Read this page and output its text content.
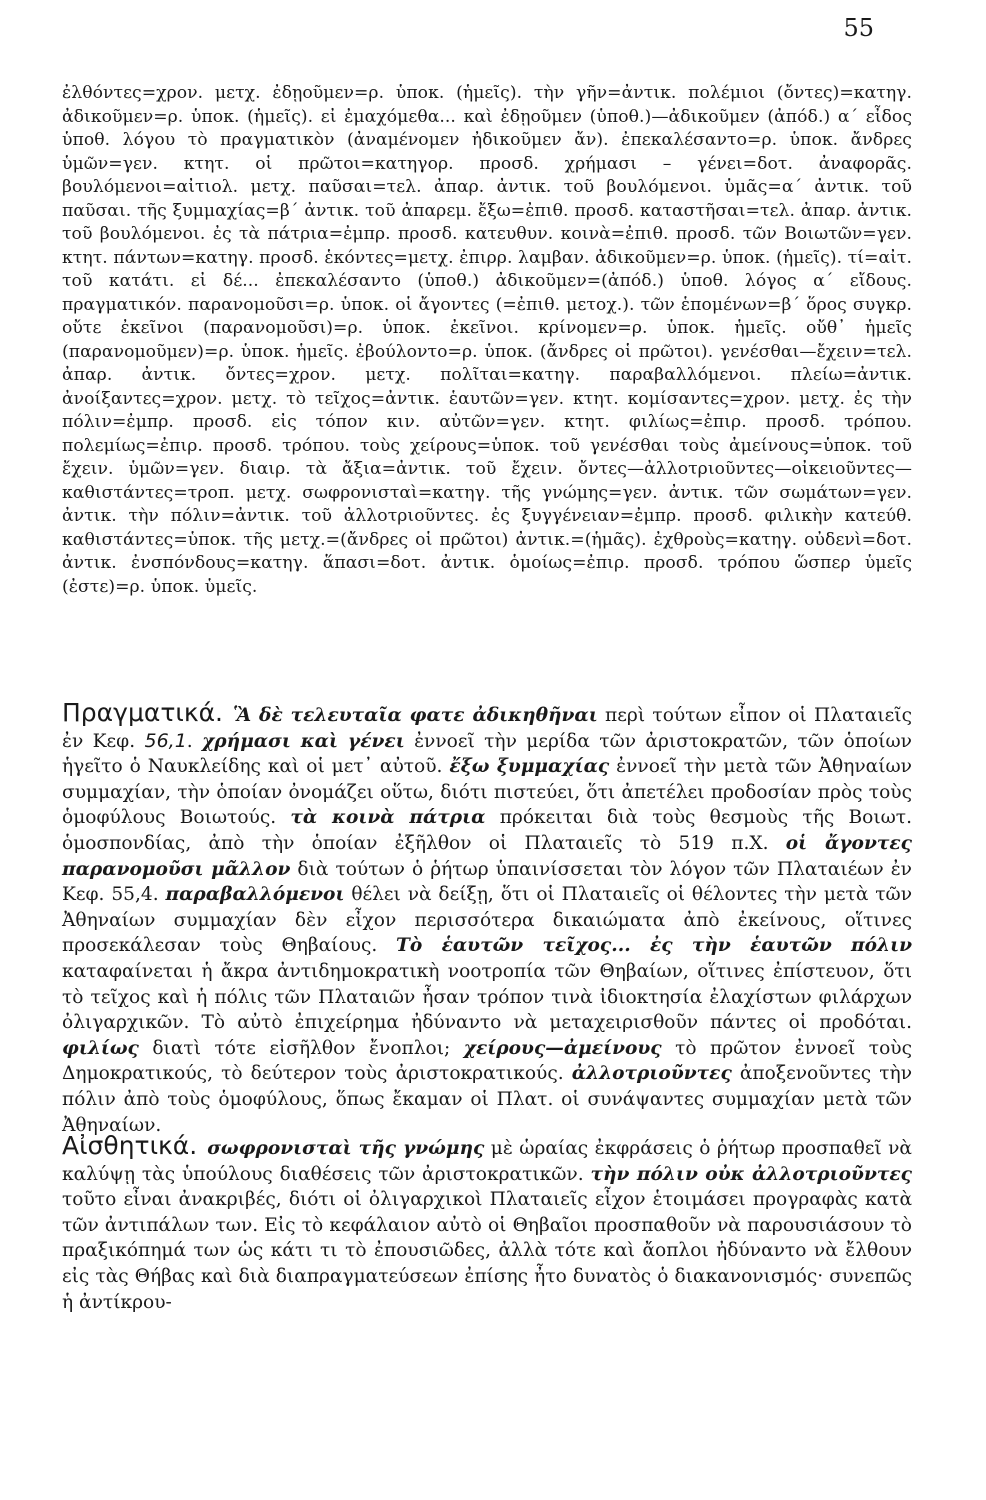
55

ἐλθόντες=χρον. μετχ. ἐδῃοῦμεν=ρ. ὑποκ. (ἡμεῖς). τὴν γῆν=ἀντικ. πολέμιοι (ὄντες)=κατηγ. ἀδικοῦμεν=ρ. ὑποκ. (ἡμεῖς). εἰ ἐμαχόμεθα... καὶ ἐδῃοῦμεν (ὑποθ.)—ἀδικοῦμεν (ἀπόδ.) α´ εἶδος ὑποθ. λόγου τὸ πραγματικὸν (ἀναμένομεν ἠδικοῦμεν ἄν). ἐπεκαλέσαντο=ρ. ὑποκ. ἄνδρες ὑμῶν=γεν. κτητ. οἱ πρῶτοι=κατηγορ. προσδ. χρήμασι – γένει=δοτ. ἀναφορᾶς. βουλόμενοι=αἰτιολ. μετχ. παῦσαι=τελ. ἀπαρ. ἀντικ. τοῦ βουλόμενοι. ὑμᾶς=α´ ἀντικ. τοῦ παῦσαι. τῆς ξυμμαχίας=β´ ἀντικ. τοῦ ἀπαρεμ. ἔξω=ἐπιθ. προσδ. καταστῆσαι=τελ. ἀπαρ. ἀντικ. τοῦ βουλόμενοι. ἐς τὰ πάτρια=ἐμπρ. προσδ. κατευθυν. κοινὰ=ἐπιθ. προσδ. τῶν Βοιωτῶν=γεν. κτητ. πάντων=κατηγ. προσδ. ἑκόντες=μετχ. ἐπιρρ. λαμβαν. ἀδικοῦμεν=ρ. ὑποκ. (ἡμεῖς). τί=αἰτ. τοῦ κατάτι. εἰ δέ... ἐπεκαλέσαντο (ὑποθ.) ἀδικοῦμεν=(ἀπόδ.) ὑποθ. λόγος α´ εἴδους. πραγματικόν. παρανομοῦσι=ρ. ὑποκ. οἱ ἄγοντες (=ἐπιθ. μετοχ.). τῶν ἑπομένων=β´ ὅρος συγκρ. οὔτε ἐκεῖνοι (παρανομοῦσι)=ρ. ὑποκ. ἐκεῖνοι. κρίνομεν=ρ. ὑποκ. ἡμεῖς. οὔθ᾽ ἡμεῖς (παρανομοῦμεν)=ρ. ὑποκ. ἡμεῖς. ἐβούλοντο=ρ. ὑποκ. (ἄνδρες οἱ πρῶτοι). γενέσθαι—ἔχειν=τελ. ἀπαρ. ἀντικ. ὄντες=χρον. μετχ. πολῖται=κατηγ. παραβαλλόμενοι. πλείω=ἀντικ. ἀνοίξαντες=χρον. μετχ. τὸ τεῖχος=ἀντικ. ἑαυτῶν=γεν. κτητ. κομίσαντες=χρον. μετχ. ἐς τὴν πόλιν=ἐμπρ. προσδ. εἰς τόπον κιν. αὐτῶν=γεν. κτητ. φιλίως=ἐπιρ. προσδ. τρόπου. πολεμίως=ἐπιρ. προσδ. τρόπου. τοὺς χείρους=ὑποκ. τοῦ γενέσθαι τοὺς ἀμείνους=ὑποκ. τοῦ ἔχειν. ὑμῶν=γεν. διαιρ. τὰ ἄξια=ἀντικ. τοῦ ἔχειν. ὄντες—ἀλλοτριοῦντες—οἰκειοῦντες—καθιστάντες=τροπ. μετχ. σωφρονισταὶ=κατηγ. τῆς γνώμης=γεν. ἀντικ. τῶν σωμάτων=γεν. ἀντικ. τὴν πόλιν=ἀντικ. τοῦ ἀλλοτριοῦντες. ἐς ξυγγένειαν=ἐμπρ. προσδ. φιλικὴν κατεύθ. καθιστάντες=ὑποκ. τῆς μετχ.=(ἄνδρες οἱ πρῶτοι) ἀντικ.=(ἡμᾶς). ἐχθροὺς=κατηγ. οὐδενὶ=δοτ. ἀντικ. ἐνσπόνδους=κατηγ. ἅπασι=δοτ. ἀντικ. ὁμοίως=ἐπιρ. προσδ. τρόπου ὥσπερ ὑμεῖς (ἐστε)=ρ. ὑποκ. ὑμεῖς.

Πραγματικά. Ἃ δὲ τελευταῖα φατε ἀδικηθῆναι περὶ τούτων εἶπον οἱ Πλαταιεῖς ἐν Κεφ. 56,1. χρήμασι καὶ γένει ἐννοεῖ τὴν μερίδα τῶν ἀριστοκρατῶν, τῶν ὁποίων ἡγεῖτο ὁ Ναυκλείδης καὶ οἱ μετ᾽ αὐτοῦ. ἔξω ξυμμαχίας ἐννοεῖ τὴν μετὰ τῶν Ἀθηναίων συμμαχίαν, τὴν ὁποίαν ὀνομάζει οὕτω, διότι πιστεύει, ὅτι ἀπετέλει προδοσίαν πρὸς τοὺς ὁμοφύλους Βοιωτούς. τὰ κοινὰ πάτρια πρόκειται διὰ τοὺς θεσμοὺς τῆς Βοιωτ. ὁμοσπονδίας, ἀπὸ τὴν ὁποίαν ἐξῆλθον οἱ Πλαταιεῖς τὸ 519 π.Χ. οἱ ἄγοντες παρανομοῦσι μᾶλλον διὰ τούτων ὁ ῥήτωρ ὑπαινίσσεται τὸν λόγον τῶν Πλαταιέων ἐν Κεφ. 55,4. παραβαλλόμενοι θέλει νὰ δείξῃ, ὅτι οἱ Πλαταιεῖς οἱ θέλοντες τὴν μετὰ τῶν Ἀθηναίων συμμαχίαν δὲν εἶχον περισσότερα δικαιώματα ἀπὸ ἐκείνους, οἵτινες προσεκάλεσαν τοὺς Θηβαίους. Τὸ ἑαυτῶν τεῖχος... ἐς τὴν ἑαυτῶν πόλιν καταφαίνεται ἡ ἄκρα ἀντιδημοκρατικὴ νοοτροπία τῶν Θηβαίων, οἵτινες ἐπίστευον, ὅτι τὸ τεῖχος καὶ ἡ πόλις τῶν Πλαταιῶν ἦσαν τρόπον τινὰ ἰδιοκτησία ἐλαχίστων φιλάρχων ὀλιγαρχικῶν. Τὸ αὐτὸ ἐπιχείρημα ἠδύναντο νὰ μεταχειρισθοῦν πάντες οἱ προδόται. φιλίως διατὶ τότε εἰσῆλθον ἔνοπλοι; χείρους—ἀμείνους τὸ πρῶτον ἐννοεῖ τοὺς Δημοκρατικούς, τὸ δεύτερον τοὺς ἀριστοκρατικούς. ἀλλοτριοῦντες ἀποξενοῦντες τὴν πόλιν ἀπὸ τοὺς ὁμοφύλους, ὅπως ἔκαμαν οἱ Πλατ. οἱ συνάψαντες συμμαχίαν μετὰ τῶν Ἀθηναίων.

Αἰσθητικά. σωφρονισταὶ τῆς γνώμης μὲ ὡραίας ἐκφράσεις ὁ ῥήτωρ προσπαθεῖ νὰ καλύψῃ τὰς ὑπούλους διαθέσεις τῶν ἀριστοκρατικῶν. τὴν πόλιν οὐκ ἀλλοτριοῦντες τοῦτο εἶναι ἀνακριβές, διότι οἱ ὀλιγαρχικοὶ Πλαταιεῖς εἶχον ἑτοιμάσει προγραφὰς κατὰ τῶν ἀντιπάλων των. Εἰς τὸ κεφάλαιον αὐτὸ οἱ Θηβαῖοι προσπαθοῦν νὰ παρουσιάσουν τὸ πραξικόπημά των ὡς κάτι τι τὸ ἐπουσιῶδες, ἀλλὰ τότε καὶ ἄοπλοι ἠδύναντο νὰ ἔλθουν εἰς τὰς Θήβας καὶ διὰ διαπραγματεύσεων ἐπίσης ἦτο δυνατὸς ὁ διακανονισμός· συνεπῶς ἡ ἀντίκρου-
